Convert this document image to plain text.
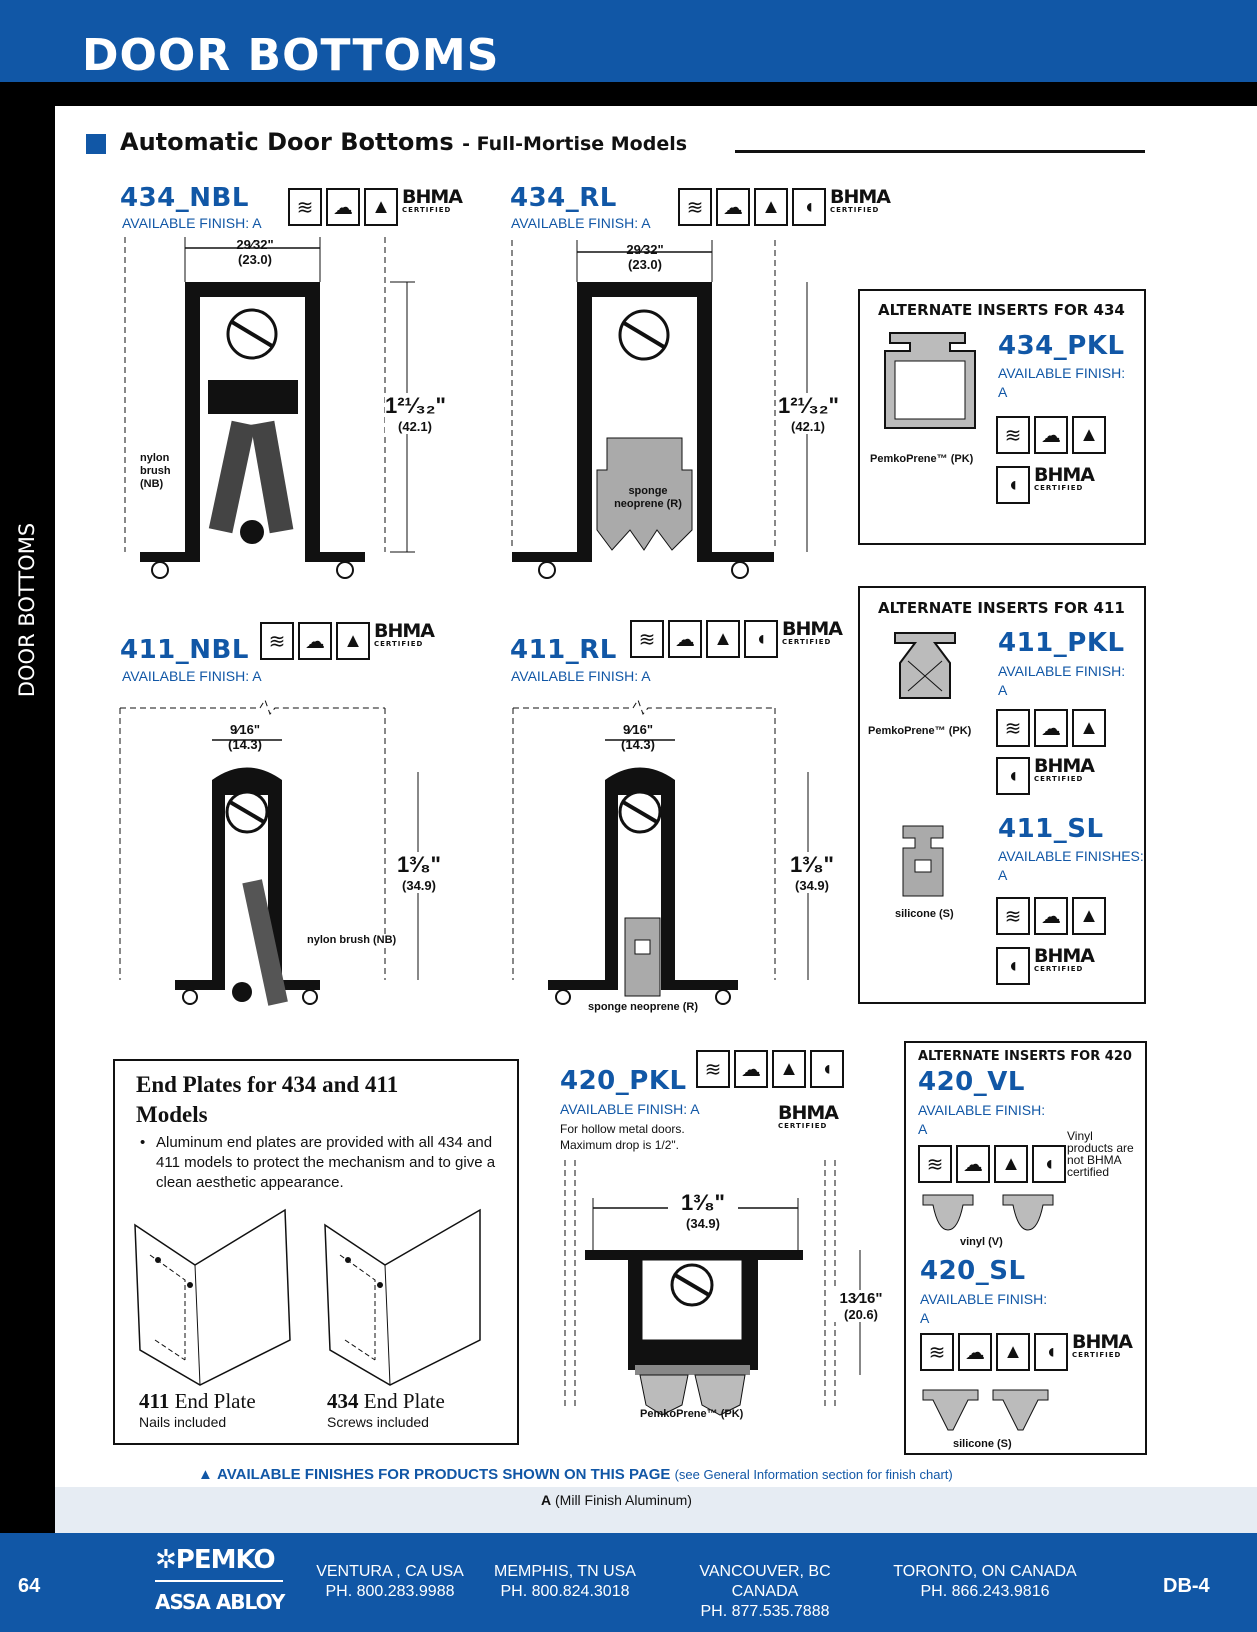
DOOR BOTTOMS
DOOR BOTTOMS
Automatic Door Bottoms - Full-Mortise Models
434_NBL
AVAILABLE FINISH: A
≋ ☁ ▲ BHMA
CERTIFIED
29⁄32"
(23.0)
1²¹⁄₃₂"
(42.1)
nylon brush (NB)
434_RL
AVAILABLE FINISH: A
≋ ☁ ▲	◖ BHMA
CERTIFIED
29⁄32"
(23.0)
1²¹⁄₃₂"
(42.1)
sponge neoprene (R)
ALTERNATE INSERTS FOR 434
PemkoPrene™ (PK)
434_PKL
AVAILABLE FINISH:
A
≋ ☁ ▲
◖ BHMA
CERTIFIED
411_NBL
AVAILABLE FINISH: A
≋ ☁ ▲ BHMA
CERTIFIED
9⁄16"
(14.3)
1³⁄₈"
(34.9)
nylon brush (NB)
411_RL
AVAILABLE FINISH: A
≋ ☁ ▲	◖ BHMA
CERTIFIED
9⁄16"
(14.3)
1³⁄₈"
(34.9)
sponge neoprene (R)
ALTERNATE INSERTS FOR 411
PemkoPrene™ (PK)
411_PKL
AVAILABLE FINISH:
A
≋ ☁ ▲
◖ BHMA
CERTIFIED
silicone (S)
411_SL
AVAILABLE FINISHES:
A
≋ ☁ ▲
◖ BHMA
CERTIFIED
End Plates for 434 and 411 Models
• Aluminum end plates are provided with all 434 and 411 models to protect the mechanism and to give a clean aesthetic appearance.
411 End Plate
Nails included
434 End Plate
Screws included
420_PKL
AVAILABLE FINISH: A
For hollow metal doors.
Maximum drop is 1/2".
≋ ☁ ▲	◖
BHMA
CERTIFIED
1³⁄₈"
(34.9)
13⁄16"
(20.6)
PemkoPrene™ (PK)
ALTERNATE INSERTS FOR 420
420_VL
AVAILABLE FINISH:
A
≋ ☁ ▲	◖
Vinyl products are not BHMA certified
vinyl (V)
420_SL
AVAILABLE FINISH:
A
≋ ☁ ▲	◖ BHMA
CERTIFIED
silicone (S)
▲ AVAILABLE FINISHES FOR PRODUCTS SHOWN ON THIS PAGE (see General Information section for finish chart)
A (Mill Finish Aluminum)
64
✲PEMKO
ASSA ABLOY
VENTURA , CA USA
PH. 800.283.9988
MEMPHIS, TN USA
PH. 800.824.3018
VANCOUVER, BC CANADA
PH. 877.535.7888
TORONTO, ON CANADA
PH. 866.243.9816	DB-4
